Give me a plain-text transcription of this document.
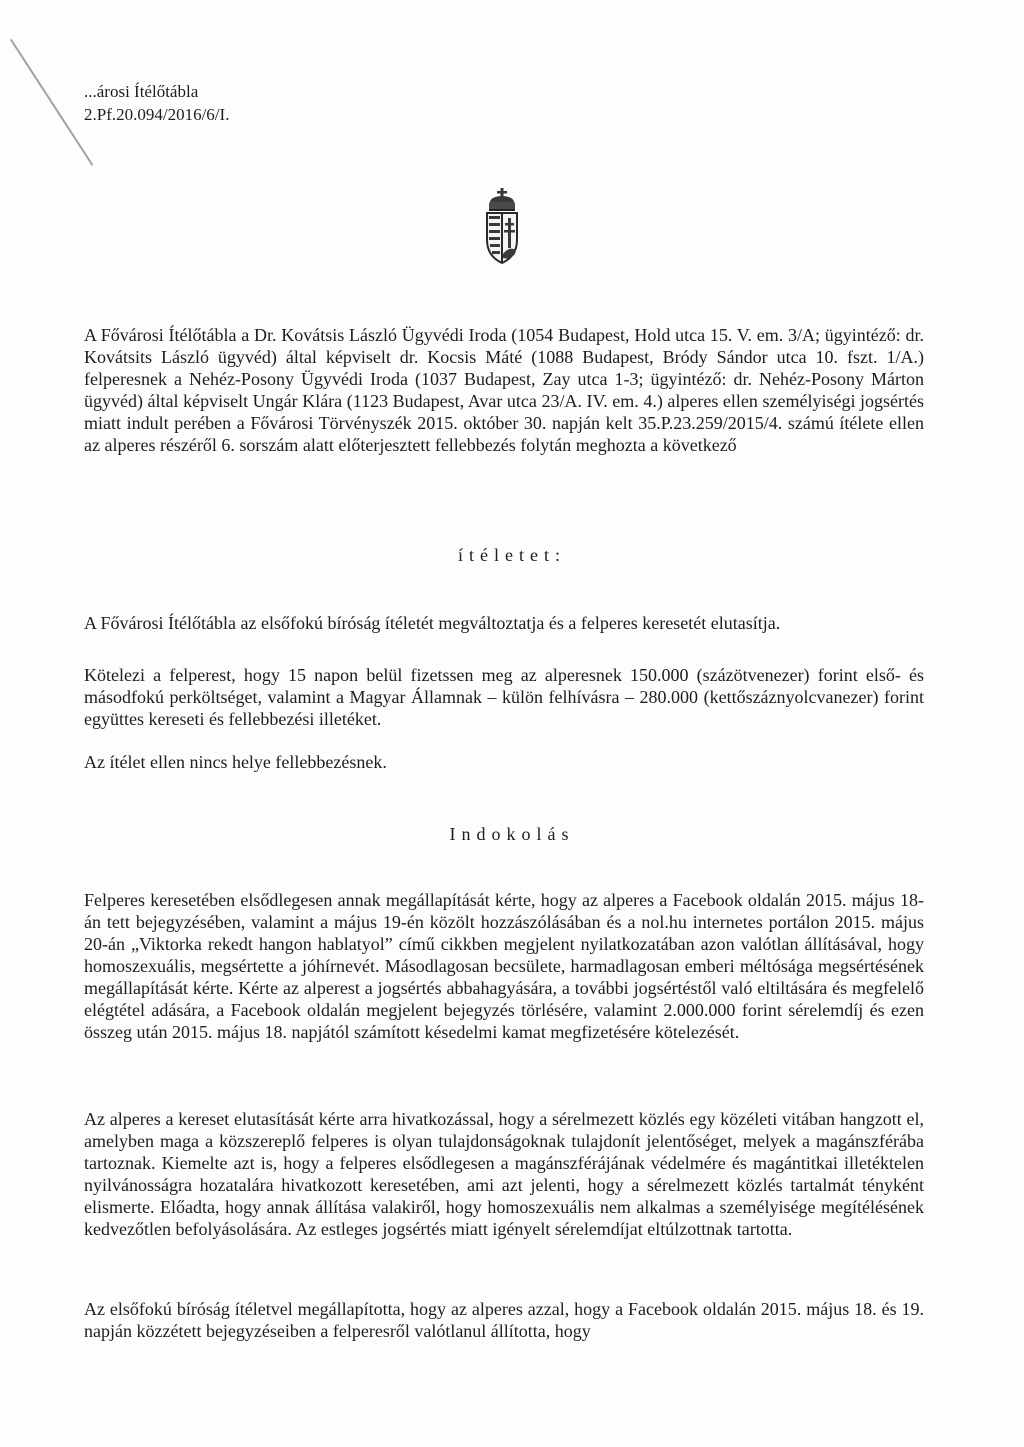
...árosi Ítélőtábla
2.Pf.20.094/2016/6/I.

A Fővárosi Ítélőtábla a Dr. Kovátsis László Ügyvédi Iroda (1054 Budapest, Hold utca 15. V. em. 3/A; ügyintéző: dr. Kovátsits László ügyvéd) által képviselt dr. Kocsis Máté (1088 Budapest, Bródy Sándor utca 10. fszt. 1/A.) felperesnek a Nehéz-Posony Ügyvédi Iroda (1037 Budapest, Zay utca 1-3; ügyintéző: dr. Nehéz-Posony Márton ügyvéd) által képviselt Ungár Klára (1123 Budapest, Avar utca 23/A. IV. em. 4.) alperes ellen személyiségi jogsértés miatt indult perében a Fővárosi Törvényszék 2015. október 30. napján kelt 35.P.23.259/2015/4. számú ítélete ellen az alperes részéről 6. sorszám alatt előterjesztett fellebbezés folytán meghozta a következő

ítéletet:

A Fővárosi Ítélőtábla az elsőfokú bíróság ítéletét megváltoztatja és a felperes keresetét elutasítja.

Kötelezi a felperest, hogy 15 napon belül fizetssen meg az alperesnek 150.000 (százötvenezer) forint első- és másodfokú perköltséget, valamint a Magyar Államnak – külön felhívásra – 280.000 (kettőszáznyolcvanezer) forint együttes kereseti és fellebbezési illetéket.

Az ítélet ellen nincs helye fellebbezésnek.

Indokolás

Felperes keresetében elsődlegesen annak megállapítását kérte, hogy az alperes a Facebook oldalán 2015. május 18-án tett bejegyzésében, valamint a május 19-én közölt hozzászólásában és a nol.hu internetes portálon 2015. május 20-án „Viktorka rekedt hangon hablatyol” című cikkben megjelent nyilatkozatában azon valótlan állításával, hogy homoszexuális, megsértette a jóhírnevét. Másodlagosan becsülete, harmadlagosan emberi méltósága megsértésének megállapítását kérte. Kérte az alperest a jogsértés abbahagyására, a további jogsértéstől való eltiltására és megfelelő elégtétel adására, a Facebook oldalán megjelent bejegyzés törlésére, valamint 2.000.000 forint sérelemdíj és ezen összeg után 2015. május 18. napjától számított késedelmi kamat megfizetésére kötelezését.

Az alperes a kereset elutasítását kérte arra hivatkozással, hogy a sérelmezett közlés egy közéleti vitában hangzott el, amelyben maga a közszereplő felperes is olyan tulajdonságoknak tulajdonít jelentőséget, melyek a magánszférába tartoznak. Kiemelte azt is, hogy a felperes elsődlegesen a magánszférájának védelmére és magántitkai illetéktelen nyilvánosságra hozatalára hivatkozott keresetében, ami azt jelenti, hogy a sérelmezett közlés tartalmát tényként elismerte. Előadta, hogy annak állítása valakiről, hogy homoszexuális nem alkalmas a személyisége megítélésének kedvezőtlen befolyásolására. Az estleges jogsértés miatt igényelt sérelemdíjat eltúlzottnak tartotta.

Az elsőfokú bíróság ítéletvel megállapította, hogy az alperes azzal, hogy a Facebook oldalán 2015. május 18. és 19. napján közzétett bejegyzéseiben a felperesről valótlanul állította, hogy
